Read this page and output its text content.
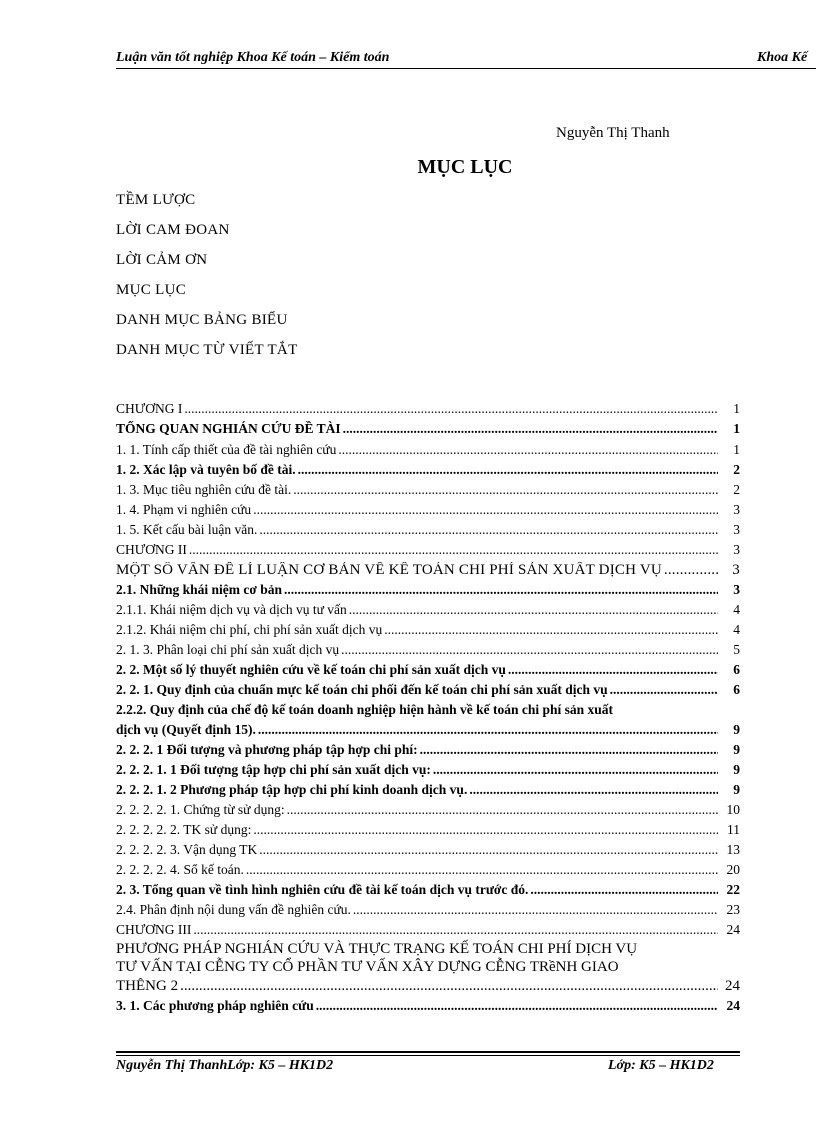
Luận văn tốt nghiệp Khoa Kế toán – Kiểm toán	Khoa Kế
Nguyễn Thị Thanh
MỤC LỤC
TỀM LƯỢC
LỜI CAM ĐOAN
LỜI CẢM ƠN
MỤC LỤC
DANH MỤC BẢNG BIỂU
DANH MỤC TỪ VIẾT TẮT
CHƯƠNG I .....	1
TỔNG QUAN NGHIÁN CỨU ĐỀ TÀI .....	1
1. 1. Tính cấp thiết của đề tài nghiên cứu .....	1
1. 2. Xác lập và tuyên bố đề tài. .....	2
1. 3. Mục tiêu nghiên cứu đề tài. .....	2
1. 4. Phạm vi nghiên cứu .....	3
1. 5. Kết cấu bài luận văn. .....	3
CHƯƠNG II .....	3
MỘT SỐ VẤN ĐỀ LÍ LUẬN CƠ BẢN VỀ KẾ TOÁN CHI PHÍ SẢN XUẤT DỊCH VỤ .....	3
2.1. Những khái niệm cơ bản .....	3
2.1.1. Khái niệm dịch vụ và dịch vụ tư vấn .....	4
2.1.2. Khái niệm chi phí, chi phí sản xuất dịch vụ .....	4
2. 1. 3. Phân loại chi phí sản xuất dịch vụ .....	5
2. 2. Một số lý thuyết nghiên cứu về kế toán chi phí sản xuất dịch vụ .....	6
2. 2. 1. Quy định của chuẩn mực kế toán chi phối đến kế toán chi phí sản xuất dịch vụ .....	6
2.2.2. Quy định của chế độ kế toán doanh nghiệp hiện hành về kế toán chi phí sản xuất
dịch vụ (Quyết định 15). .....	9
2. 2. 2. 1 Đối tượng và phương pháp tập hợp chi phí: .....	9
2. 2. 2. 1. 1 Đối tượng tập hợp chi phí sản xuất dịch vụ: .....	9
2. 2. 2. 1. 2 Phương pháp tập hợp chi phí kinh doanh dịch vụ. .....	9
2. 2. 2. 2. 1. Chứng từ sử dụng: .....	10
2. 2. 2. 2. 2. TK sử dụng: .....	11
2. 2. 2. 2. 3. Vận dụng TK .....	13
2. 2. 2. 2. 4. Sổ kế toán. .....	20
2. 3. Tổng quan về tình hình nghiên cứu đề tài kế toán dịch vụ trước đó. .....	22
2.4. Phân định nội dung vấn đề nghiên cứu. .....	23
CHƯƠNG III .....	24
PHƯƠNG PHÁP NGHIÁN CỨU VÀ THỰC TRẠNG KẾ TOÁN CHI PHÍ DỊCH VỤ
TƯ VẤN TẠI CỄNG TY CỔ PHẦN TƯ VẤN XÂY DỰNG CỄNG TRềNH GIAO
THỄNG 2 .....	24
3. 1. Các phương pháp nghiên cứu .....	24
Nguyễn Thị ThanhLớp: K5 – HK1D2	Lớp: K5 – HK1D2
